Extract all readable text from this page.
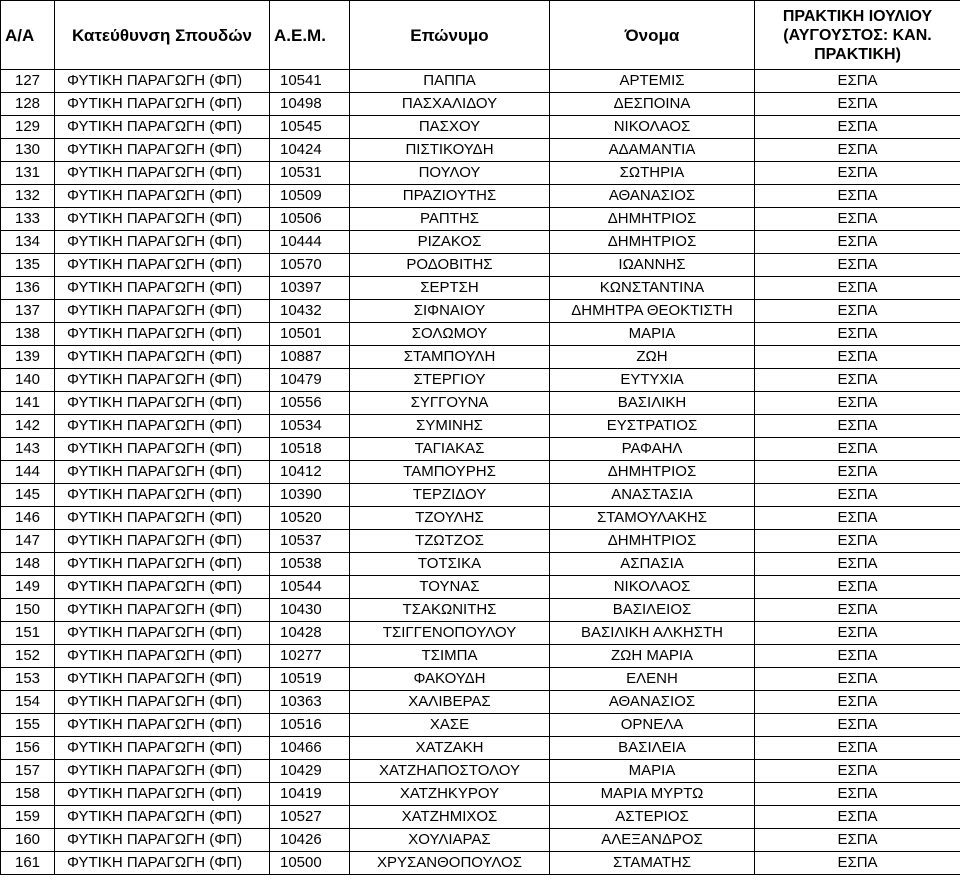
Α/Α	Κατεύθυνση Σπουδών	Α.Ε.Μ.	Επώνυμο	Όνομα	ΠΡΑΚΤΙΚΗ ΙΟΥΛΙΟΥ
(ΑΥΓΟΥΣΤΟΣ: ΚΑΝ.
ΠΡΑΚΤΙΚΗ)

127	ΦΥΤΙΚΗ ΠΑΡΑΓΩΓΗ (ΦΠ)	10541	ΠΑΠΠΑ	ΑΡΤΕΜΙΣ	ΕΣΠΑ
128	ΦΥΤΙΚΗ ΠΑΡΑΓΩΓΗ (ΦΠ)	10498	ΠΑΣΧΑΛΙΔΟΥ	ΔΕΣΠΟΙΝΑ	ΕΣΠΑ
129	ΦΥΤΙΚΗ ΠΑΡΑΓΩΓΗ (ΦΠ)	10545	ΠΑΣΧΟΥ	ΝΙΚΟΛΑΟΣ	ΕΣΠΑ
130	ΦΥΤΙΚΗ ΠΑΡΑΓΩΓΗ (ΦΠ)	10424	ΠΙΣΤΙΚΟΥΔΗ	ΑΔΑΜΑΝΤΙΑ	ΕΣΠΑ
131	ΦΥΤΙΚΗ ΠΑΡΑΓΩΓΗ (ΦΠ)	10531	ΠΟΥΛΟΥ	ΣΩΤΗΡΙΑ	ΕΣΠΑ
132	ΦΥΤΙΚΗ ΠΑΡΑΓΩΓΗ (ΦΠ)	10509	ΠΡΑΖΙΟΥΤΗΣ	ΑΘΑΝΑΣΙΟΣ	ΕΣΠΑ
133	ΦΥΤΙΚΗ ΠΑΡΑΓΩΓΗ (ΦΠ)	10506	ΡΑΠΤΗΣ	ΔΗΜΗΤΡΙΟΣ	ΕΣΠΑ
134	ΦΥΤΙΚΗ ΠΑΡΑΓΩΓΗ (ΦΠ)	10444	ΡΙΖΑΚΟΣ	ΔΗΜΗΤΡΙΟΣ	ΕΣΠΑ
135	ΦΥΤΙΚΗ ΠΑΡΑΓΩΓΗ (ΦΠ)	10570	ΡΟΔΟΒΙΤΗΣ	ΙΩΑΝΝΗΣ	ΕΣΠΑ
136	ΦΥΤΙΚΗ ΠΑΡΑΓΩΓΗ (ΦΠ)	10397	ΣΕΡΤΣΗ	ΚΩΝΣΤΑΝΤΙΝΑ	ΕΣΠΑ
137	ΦΥΤΙΚΗ ΠΑΡΑΓΩΓΗ (ΦΠ)	10432	ΣΙΦΝΑΙΟΥ	ΔΗΜΗΤΡΑ ΘΕΟΚΤΙΣΤΗ	ΕΣΠΑ
138	ΦΥΤΙΚΗ ΠΑΡΑΓΩΓΗ (ΦΠ)	10501	ΣΟΛΩΜΟΥ	ΜΑΡΙΑ	ΕΣΠΑ
139	ΦΥΤΙΚΗ ΠΑΡΑΓΩΓΗ (ΦΠ)	10887	ΣΤΑΜΠΟΥΛΗ	ΖΩΗ	ΕΣΠΑ
140	ΦΥΤΙΚΗ ΠΑΡΑΓΩΓΗ (ΦΠ)	10479	ΣΤΕΡΓΙΟΥ	ΕΥΤΥΧΙΑ	ΕΣΠΑ
141	ΦΥΤΙΚΗ ΠΑΡΑΓΩΓΗ (ΦΠ)	10556	ΣΥΓΓΟΥΝΑ	ΒΑΣΙΛΙΚΗ	ΕΣΠΑ
142	ΦΥΤΙΚΗ ΠΑΡΑΓΩΓΗ (ΦΠ)	10534	ΣΥΜΙΝΗΣ	ΕΥΣΤΡΑΤΙΟΣ	ΕΣΠΑ
143	ΦΥΤΙΚΗ ΠΑΡΑΓΩΓΗ (ΦΠ)	10518	ΤΑΓΙΑΚΑΣ	ΡΑΦΑΗΛ	ΕΣΠΑ
144	ΦΥΤΙΚΗ ΠΑΡΑΓΩΓΗ (ΦΠ)	10412	ΤΑΜΠΟΥΡΗΣ	ΔΗΜΗΤΡΙΟΣ	ΕΣΠΑ
145	ΦΥΤΙΚΗ ΠΑΡΑΓΩΓΗ (ΦΠ)	10390	ΤΕΡΖΙΔΟΥ	ΑΝΑΣΤΑΣΙΑ	ΕΣΠΑ
146	ΦΥΤΙΚΗ ΠΑΡΑΓΩΓΗ (ΦΠ)	10520	ΤΖΟΥΛΗΣ	ΣΤΑΜΟΥΛΑΚΗΣ	ΕΣΠΑ
147	ΦΥΤΙΚΗ ΠΑΡΑΓΩΓΗ (ΦΠ)	10537	ΤΖΩΤΖΟΣ	ΔΗΜΗΤΡΙΟΣ	ΕΣΠΑ
148	ΦΥΤΙΚΗ ΠΑΡΑΓΩΓΗ (ΦΠ)	10538	ΤΟΤΣΙΚΑ	ΑΣΠΑΣΙΑ	ΕΣΠΑ
149	ΦΥΤΙΚΗ ΠΑΡΑΓΩΓΗ (ΦΠ)	10544	ΤΟΥΝΑΣ	ΝΙΚΟΛΑΟΣ	ΕΣΠΑ
150	ΦΥΤΙΚΗ ΠΑΡΑΓΩΓΗ (ΦΠ)	10430	ΤΣΑΚΩΝΙΤΗΣ	ΒΑΣΙΛΕΙΟΣ	ΕΣΠΑ
151	ΦΥΤΙΚΗ ΠΑΡΑΓΩΓΗ (ΦΠ)	10428	ΤΣΙΓΓΕΝΟΠΟΥΛΟΥ	ΒΑΣΙΛΙΚΗ ΑΛΚΗΣΤΗ	ΕΣΠΑ
152	ΦΥΤΙΚΗ ΠΑΡΑΓΩΓΗ (ΦΠ)	10277	ΤΣΙΜΠΑ	ΖΩΗ ΜΑΡΙΑ	ΕΣΠΑ
153	ΦΥΤΙΚΗ ΠΑΡΑΓΩΓΗ (ΦΠ)	10519	ΦΑΚΟΥΔΗ	ΕΛΕΝΗ	ΕΣΠΑ
154	ΦΥΤΙΚΗ ΠΑΡΑΓΩΓΗ (ΦΠ)	10363	ΧΑΛΙΒΕΡΑΣ	ΑΘΑΝΑΣΙΟΣ	ΕΣΠΑ
155	ΦΥΤΙΚΗ ΠΑΡΑΓΩΓΗ (ΦΠ)	10516	ΧΑΣΕ	ΟΡΝΕΛΑ	ΕΣΠΑ
156	ΦΥΤΙΚΗ ΠΑΡΑΓΩΓΗ (ΦΠ)	10466	ΧΑΤΖΑΚΗ	ΒΑΣΙΛΕΙΑ	ΕΣΠΑ
157	ΦΥΤΙΚΗ ΠΑΡΑΓΩΓΗ (ΦΠ)	10429	ΧΑΤΖΗΑΠΟΣΤΟΛΟΥ	ΜΑΡΙΑ	ΕΣΠΑ
158	ΦΥΤΙΚΗ ΠΑΡΑΓΩΓΗ (ΦΠ)	10419	ΧΑΤΖΗΚΥΡΟΥ	ΜΑΡΙΑ ΜΥΡΤΩ	ΕΣΠΑ
159	ΦΥΤΙΚΗ ΠΑΡΑΓΩΓΗ (ΦΠ)	10527	ΧΑΤΖΗΜΙΧΟΣ	ΑΣΤΕΡΙΟΣ	ΕΣΠΑ
160	ΦΥΤΙΚΗ ΠΑΡΑΓΩΓΗ (ΦΠ)	10426	ΧΟΥΛΙΑΡΑΣ	ΑΛΕΞΑΝΔΡΟΣ	ΕΣΠΑ
161	ΦΥΤΙΚΗ ΠΑΡΑΓΩΓΗ (ΦΠ)	10500	ΧΡΥΣΑΝΘΟΠΟΥΛΟΣ	ΣΤΑΜΑΤΗΣ	ΕΣΠΑ
